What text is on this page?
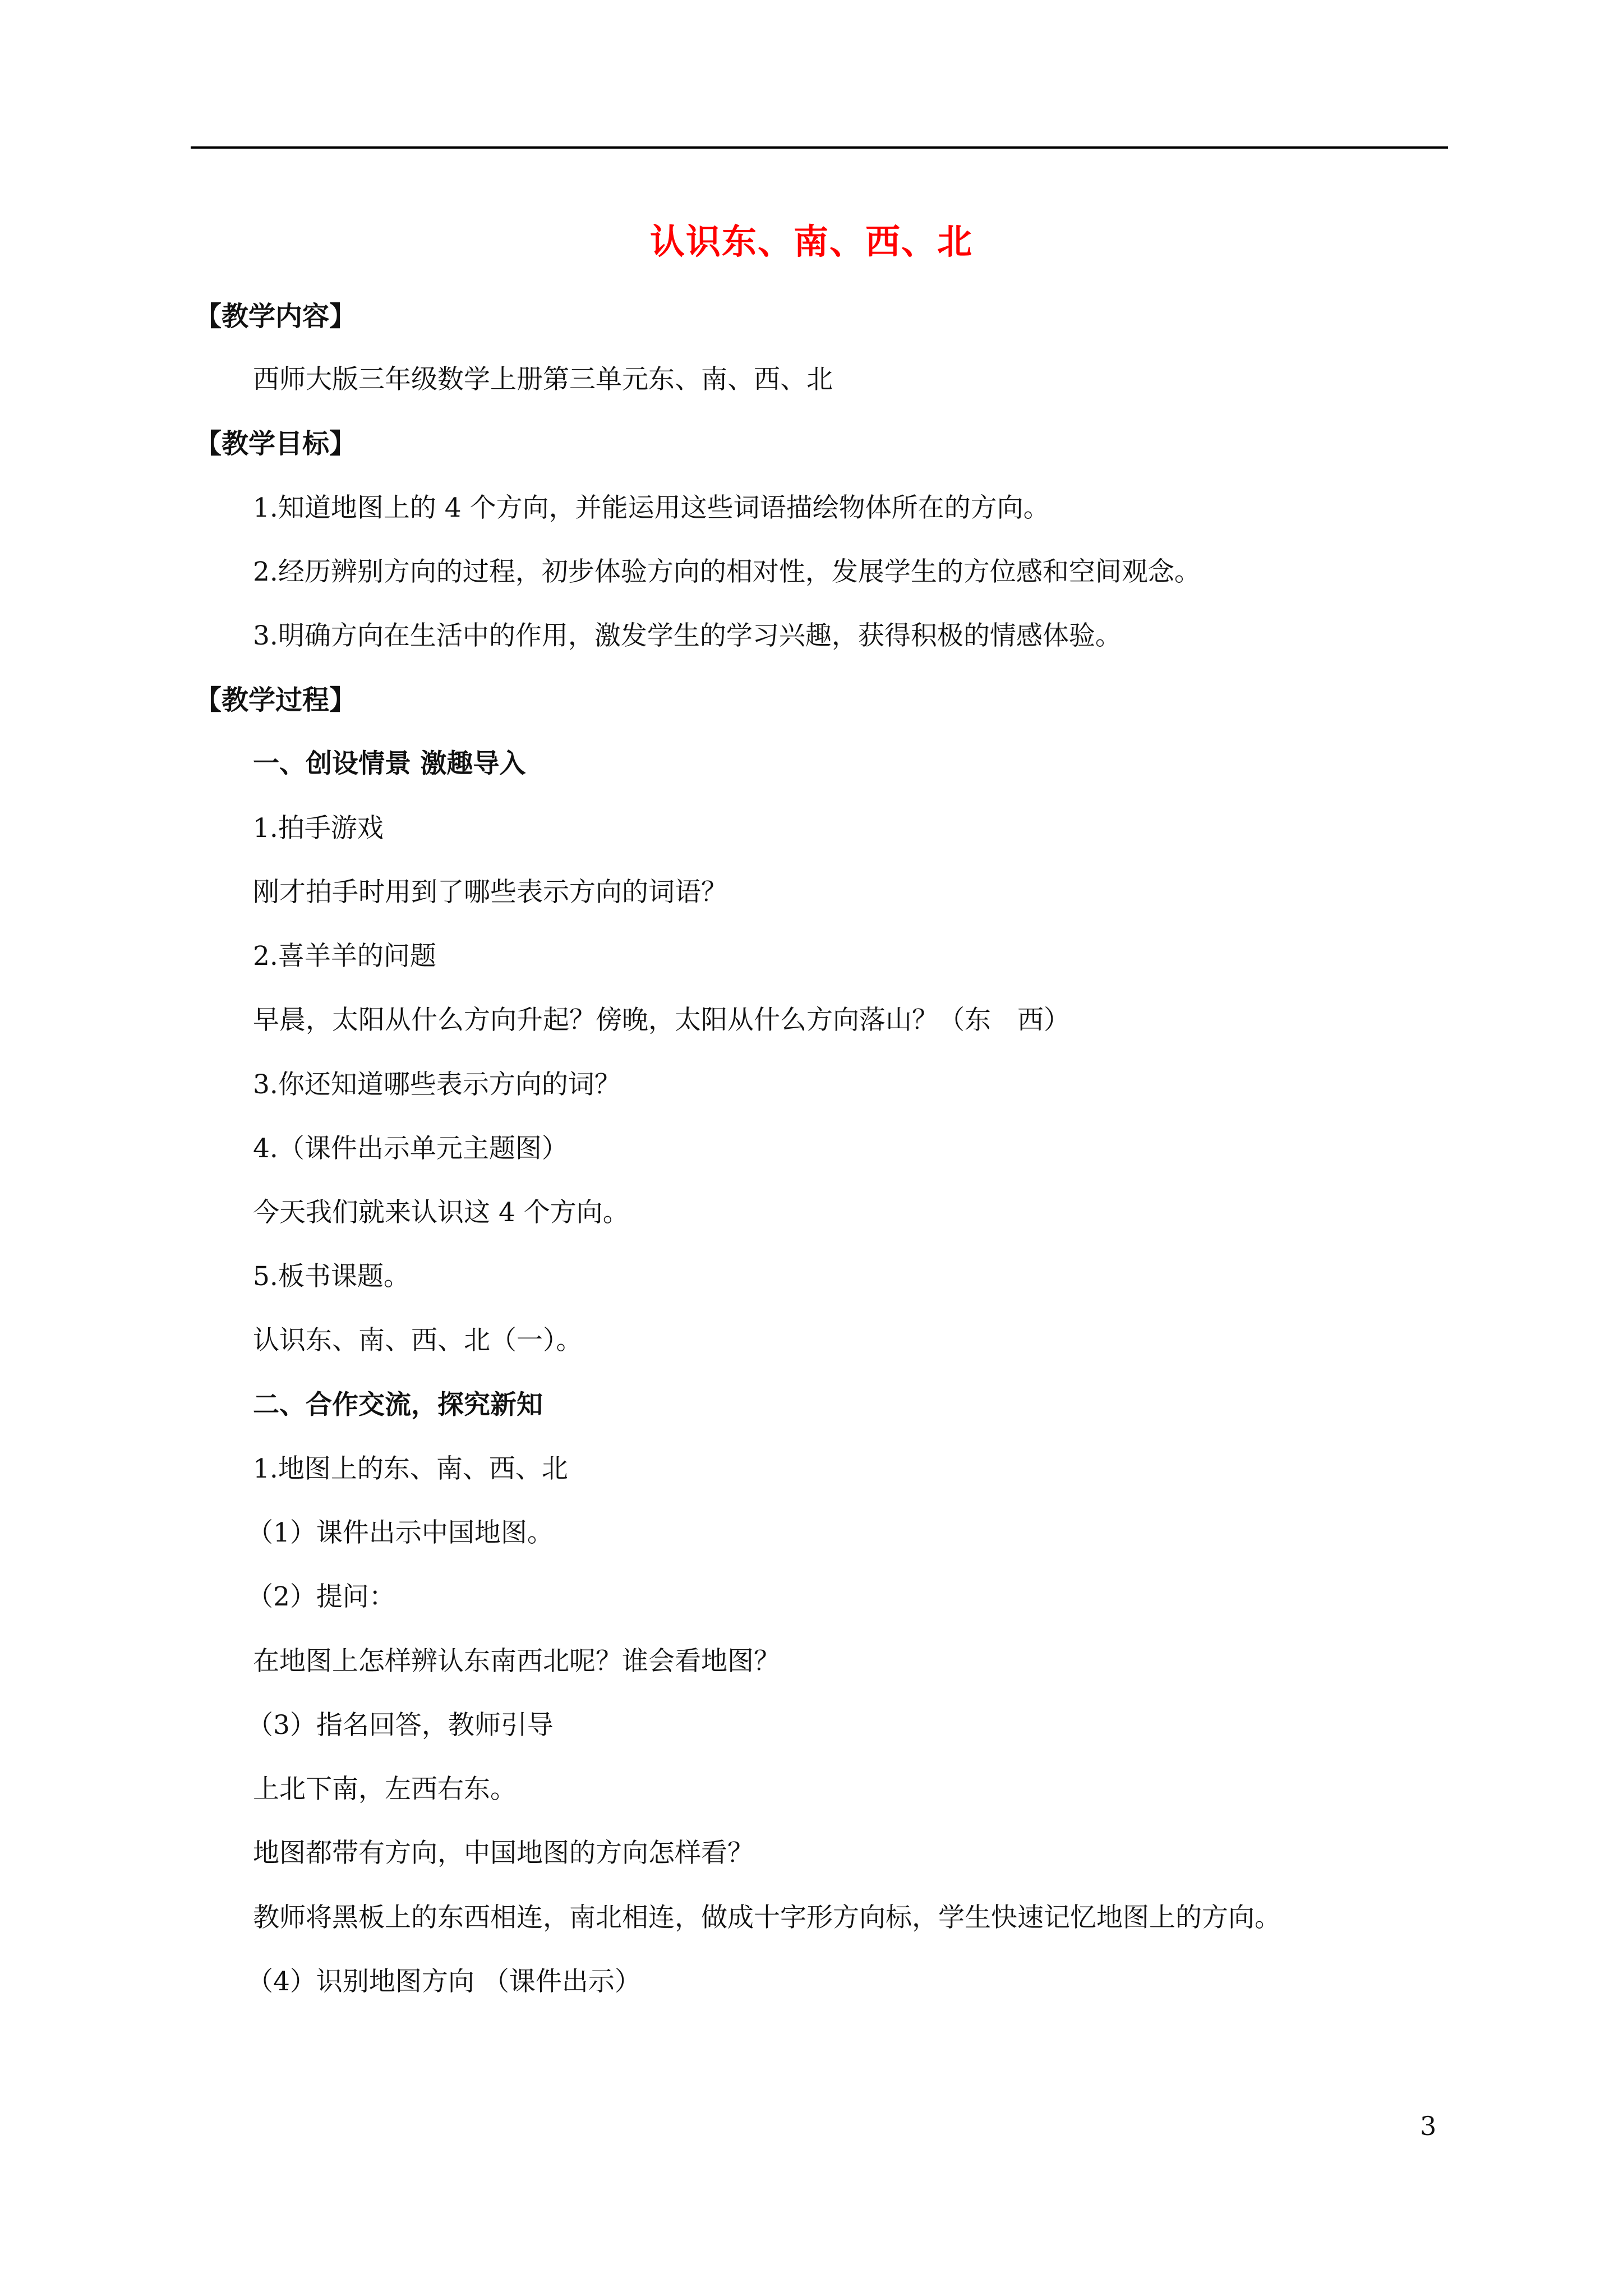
认识东、南、西、北

【教学内容】

西师大版三年级数学上册第三单元东、南、西、北

【教学目标】

1.知道地图上的 4 个方向，并能运用这些词语描绘物体所在的方向。

2.经历辨别方向的过程，初步体验方向的相对性，发展学生的方位感和空间观念。

3.明确方向在生活中的作用，激发学生的学习兴趣，获得积极的情感体验。

【教学过程】

一、创设情景 激趣导入

1.拍手游戏

刚才拍手时用到了哪些表示方向的词语？

2.喜羊羊的问题

早晨，太阳从什么方向升起？傍晚，太阳从什么方向落山？（东　西）

3.你还知道哪些表示方向的词？

4.（课件出示单元主题图）

今天我们就来认识这 4 个方向。

5.板书课题。

认识东、南、西、北（一）。

二、合作交流，探究新知

1.地图上的东、南、西、北

（1）课件出示中国地图。

（2）提问：

在地图上怎样辨认东南西北呢？谁会看地图？

（3）指名回答，教师引导

上北下南，左西右东。

地图都带有方向，中国地图的方向怎样看？

教师将黑板上的东西相连，南北相连，做成十字形方向标，学生快速记忆地图上的方向。

（4）识别地图方向 （课件出示）

3
